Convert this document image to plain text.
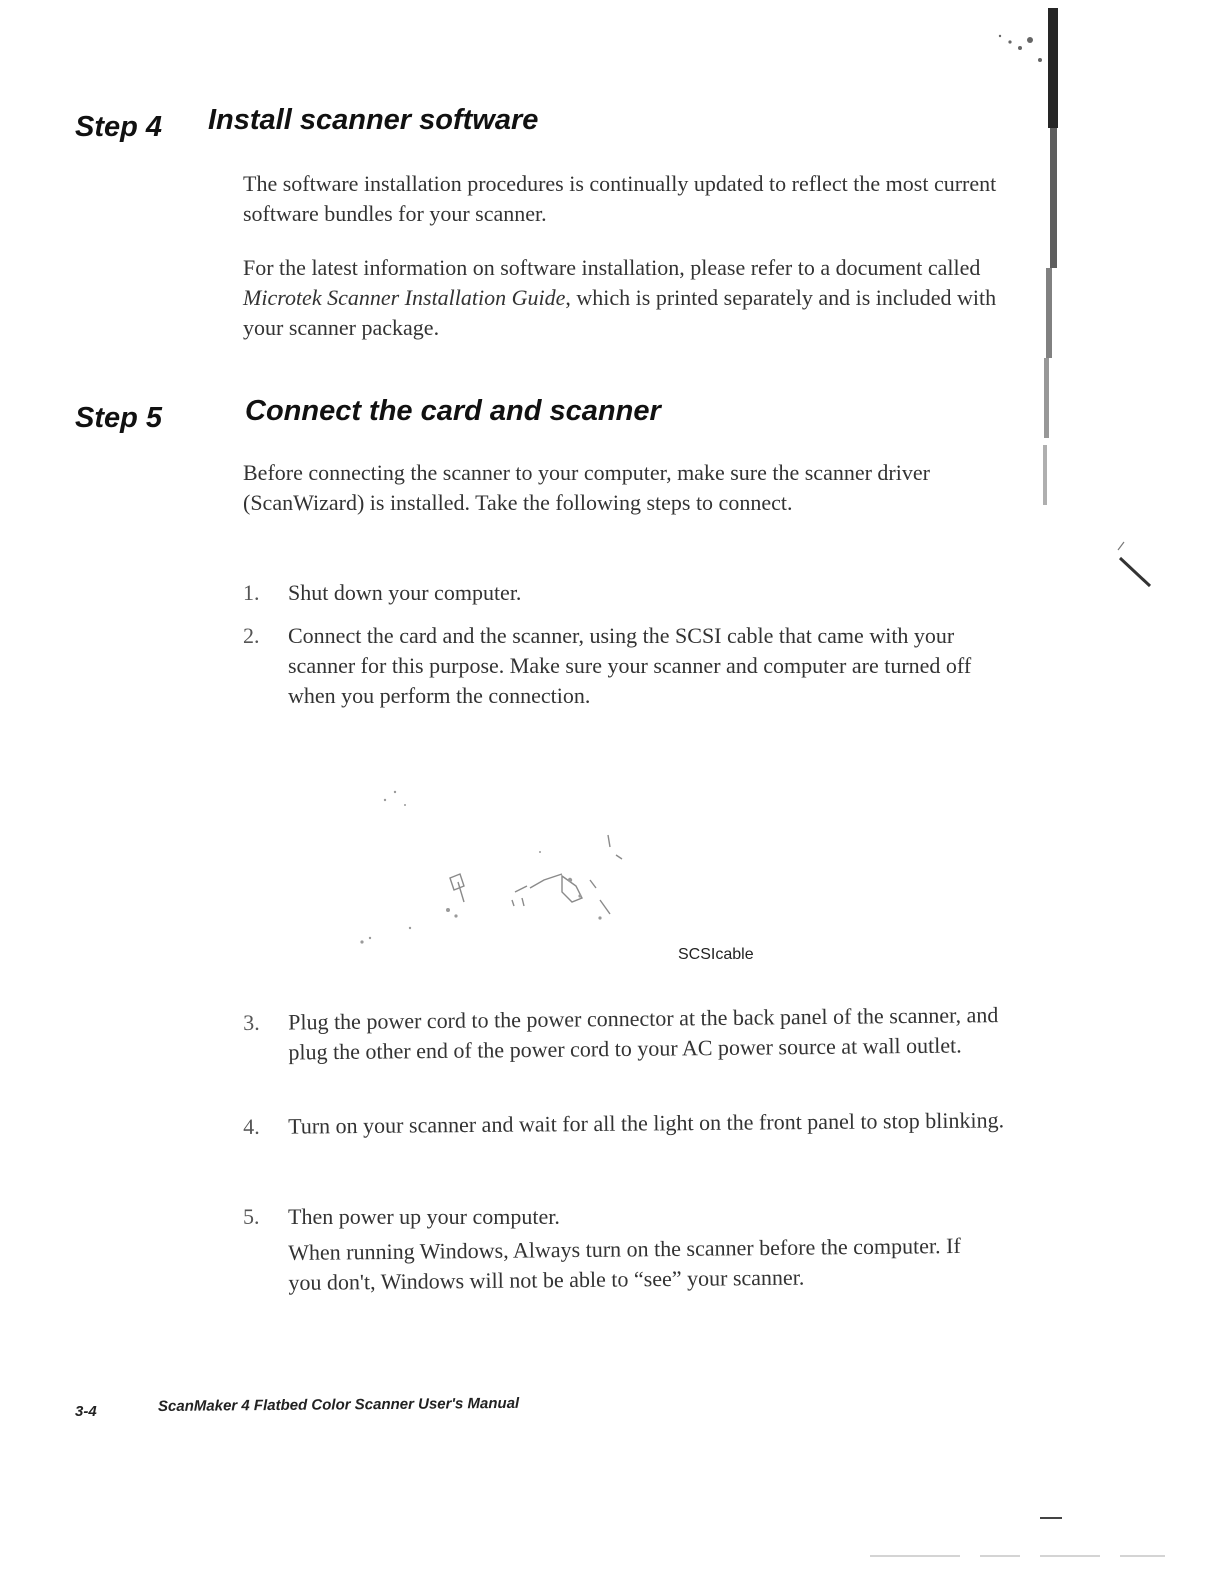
Step 4 Install scanner software
The software installation procedures is continually updated to reflect the most current software bundles for your scanner.
For the latest information on software installation, please refer to a document called Microtek Scanner Installation Guide, which is printed separately and is included with your scanner package.
Step 5	Connect the card and scanner
Before connecting the scanner to your computer, make sure the scanner driver (ScanWizard) is installed. Take the following steps to connect.
1.	Shut down your computer.
2.	Connect the card and the scanner, using the SCSI cable that came with your scanner for this purpose. Make sure your scanner and computer are turned off when you perform the connection.
SCSIcable
3.	Plug the power cord to the power connector at the back panel of the scanner, and plug the other end of the power cord to your AC power source at wall outlet.
4.	Turn on your scanner and wait for all the light on the front panel to stop blinking.
5.	Then power up your computer.
When running Windows, Always turn on the scanner before the computer. If you don't, Windows will not be able to “see” your scanner.
3-4	ScanMaker 4 Flatbed Color Scanner User's Manual
